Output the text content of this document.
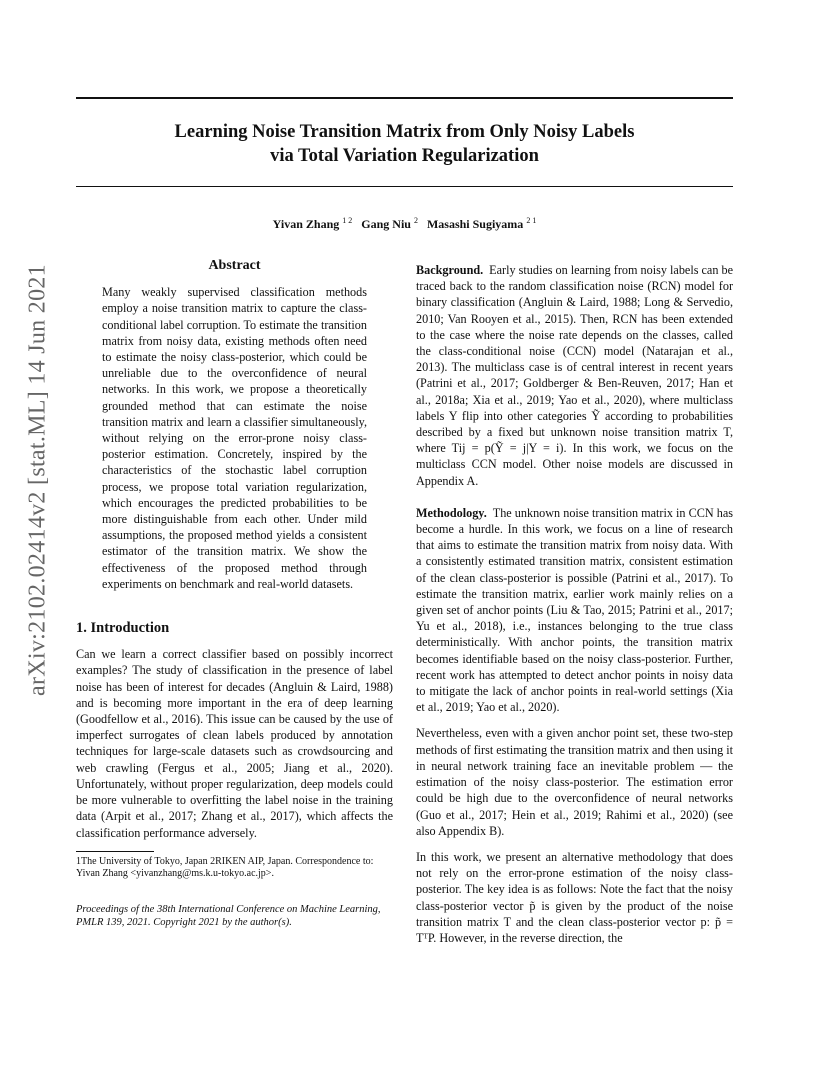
Learning Noise Transition Matrix from Only Noisy Labels
via Total Variation Regularization
Yivan Zhang $^{1 2}$ Gang Niu $^2$ Masashi Sugiyama $^{2 1}$
arXiv:2102.02414v2 [stat.ML] 14 Jun 2021	Abstract
Many weakly supervised classification methods employ a noise transition matrix to capture the class-conditional label corruption. To estimate the transition matrix from noisy data, existing methods often need to estimate the noisy class-posterior, which could be unreliable due to the overconfidence of neural networks. In this work, we propose a theoretically grounded method that can estimate the noise transition matrix and learn a classifier simultaneously, without relying on the error-prone noisy class-posterior estimation. Concretely, inspired by the characteristics of the stochastic label corruption process, we propose total variation regularization, which encourages the predicted probabilities to be more distinguishable from each other. Under mild assumptions, the proposed method yields a consistent estimator of the transition matrix. We show the effectiveness of the proposed method through experiments on benchmark and real-world datasets.
1. Introduction

Can we learn a correct classifier based on possibly incorrect examples? The study of classification in the presence of label noise has been of interest for decades (Angluin & Laird, 1988) and is becoming more important in the era of deep learning (Goodfellow et al., 2016). This issue can be caused by the use of imperfect surrogates of clean labels produced by annotation techniques for large-scale datasets such as crowdsourcing and web crawling (Fergus et al., 2005; Jiang et al., 2020). Unfortunately, without proper regularization, deep models could be more vulnerable to overfitting the label noise in the training data (Arpit et al., 2017; Zhang et al., 2017), which affects the classification performance adversely.

1The University of Tokyo, Japan 2RIKEN AIP, Japan. Correspondence to: Yivan Zhang <yivanzhang@ms.k.u-tokyo.ac.jp>.
Proceedings of the 38th International Conference on Machine Learning, PMLR 139, 2021. Copyright 2021 by the author(s).

Background. Early studies on learning from noisy labels can be traced back to the random classification noise (RCN) model for binary classification (Angluin & Laird, 1988; Long & Servedio, 2010; Van Rooyen et al., 2015). Then, RCN has been extended to the case where the noise rate depends on the classes, called the class-conditional noise (CCN) model (Natarajan et al., 2013). The multiclass case is of central interest in recent years (Patrini et al., 2017; Goldberger & Ben-Reuven, 2017; Han et al., 2018a; Xia et al., 2019; Yao et al., 2020), where multiclass labels Y flip into other categories Ỹ according to probabilities described by a fixed but unknown noise transition matrix T, where Tij = p(Ỹ = j|Y = i). In this work, we focus on the multiclass CCN model. Other noise models are discussed in Appendix A.

Methodology. The unknown noise transition matrix in CCN has become a hurdle. In this work, we focus on a line of research that aims to estimate the transition matrix from noisy data. With a consistently estimated transition matrix, consistent estimation of the clean class-posterior is possible (Patrini et al., 2017). To estimate the transition matrix, earlier work mainly relies on a given set of anchor points (Liu & Tao, 2015; Patrini et al., 2017; Yu et al., 2018), i.e., instances belonging to the true class deterministically. With anchor points, the transition matrix becomes identifiable based on the noisy class-posterior. Further, recent work has attempted to detect anchor points in noisy data to mitigate the lack of anchor points in real-world settings (Xia et al., 2019; Yao et al., 2020).

Nevertheless, even with a given anchor point set, these two-step methods of first estimating the transition matrix and then using it in neural network training face an inevitable problem — the estimation of the noisy class-posterior. The estimation error could be high due to the overconfidence of neural networks (Guo et al., 2017; Hein et al., 2019; Rahimi et al., 2020) (see also Appendix B).

In this work, we present an alternative methodology that does not rely on the error-prone estimation of the noisy class-posterior. The key idea is as follows: Note the fact that the noisy class-posterior vector p̃ is given by the product of the noise transition matrix T and the clean class-posterior vector p: p̃ = TᵀP. However, in the reverse direction, the
